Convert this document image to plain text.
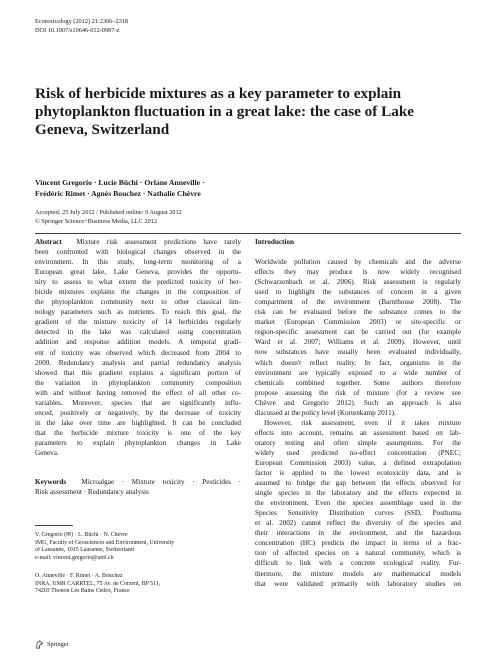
Ecotoxicology (2012) 21:2306–2318
DOI 10.1007/s10646-012-0987-z
Risk of herbicide mixtures as a key parameter to explain
phytoplankton fluctuation in a great lake: the case of Lake
Geneva, Switzerland
Vincent Gregorio · Lucie Büchi · Orlane Anneville ·
Frédéric Rimet · Agnès Bouchez · Nathalie Chèvre
Accepted: 25 July 2012 / Published online: 9 August 2012
© Springer Science+Business Media, LLC 2012
Abstract Mixture risk assessment predictions have rarely
been confronted with biological changes observed in the
environment. In this study, long-term monitoring of a
European great lake, Lake Geneva, provides the opportu-
nity to assess to what extent the predicted toxicity of her-
bicide mixtures explains the changes in the composition of
the phytoplankton community next to other classical lim-
nology parameters such as nutrients. To reach this goal, the
gradient of the mixture toxicity of 14 herbicides regularly
detected in the lake was calculated using concentration
addition and response addition models. A temporal gradi-
ent of toxicity was observed which decreased from 2004 to
2009. Redundancy analysis and partial redundancy analysis
showed that this gradient explains a significant portion of
the variation in phytoplankton community composition
with and without having removed the effect of all other co-
variables. Moreover, species that are significantly influ-
enced, positively or negatively, by the decrease of toxicity
in the lake over time are highlighted. It can be concluded
that the herbicide mixture toxicity is one of the key
parameters to explain phytoplankton changes in Lake
Geneva.
Keywords Microalgae · Mixture toxicity · Pesticides ·
Risk assessment · Redundancy analysis
V. Gregorio (✉) · L. Büchi · N. Chèvre
IMG, Faculty of Geosciences and Environment, University
of Lausanne, 1015 Lausanne, Switzerland
e-mail: vincent.gregorio@unil.ch
O. Anneville · F. Rimet · A. Bouchez
INRA, UMR CARRTEL, 75 Av. de Corzent, BP 511,
74203 Thonon Les Bains Cedex, France
Introduction
Worldwide pollution caused by chemicals and the adverse
effects they may produce is now widely recognised
(Schwarzenbach et al. 2006). Risk assessment is regularly
used to highlight the substances of concern in a given
compartment of the environment (Barnthouse 2008). The
risk can be evaluated before the substance comes to the
market (European Commission 2003) or site-specific or
region-specific assessment can be carried out (for example
Ward et al. 2007; Williams et al. 2009). However, until
now substances have usually been evaluated individually,
which doesn't reflect reality. In fact, organisms in the
environment are typically exposed to a wide number of
chemicals combined together. Some authors therefore
propose assessing the risk of mixture (for a review see
Chèvre and Gregorio 2012). Such an approach is also
discussed at the policy level (Kortenkamp 2011).
However, risk assessment, even if it takes mixture
effects into account, remains an assessment based on lab-
oratory testing and often simple assumptions. For the
widely used predicted no-effect concentration (PNEC;
European Commission 2003) value, a defined extrapolation
factor is applied to the lowest ecotoxicity data, and is
assumed to bridge the gap between the effects observed for
single species in the laboratory and the effects expected in
the environment. Even the species assemblage used in the
Species Sensitivity Distribution curves (SSD, Posthuma
et al. 2002) cannot reflect the diversity of the species and
their interactions in the environment, and the hazardous
concentration (HC) predicts the impact in terms of a frac-
tion of affected species on a natural community, which is
difficult to link with a concrete ecological reality. Fur-
thermore, the mixture models are mathematical models
that were validated primarily with laboratory studies on
Springer
